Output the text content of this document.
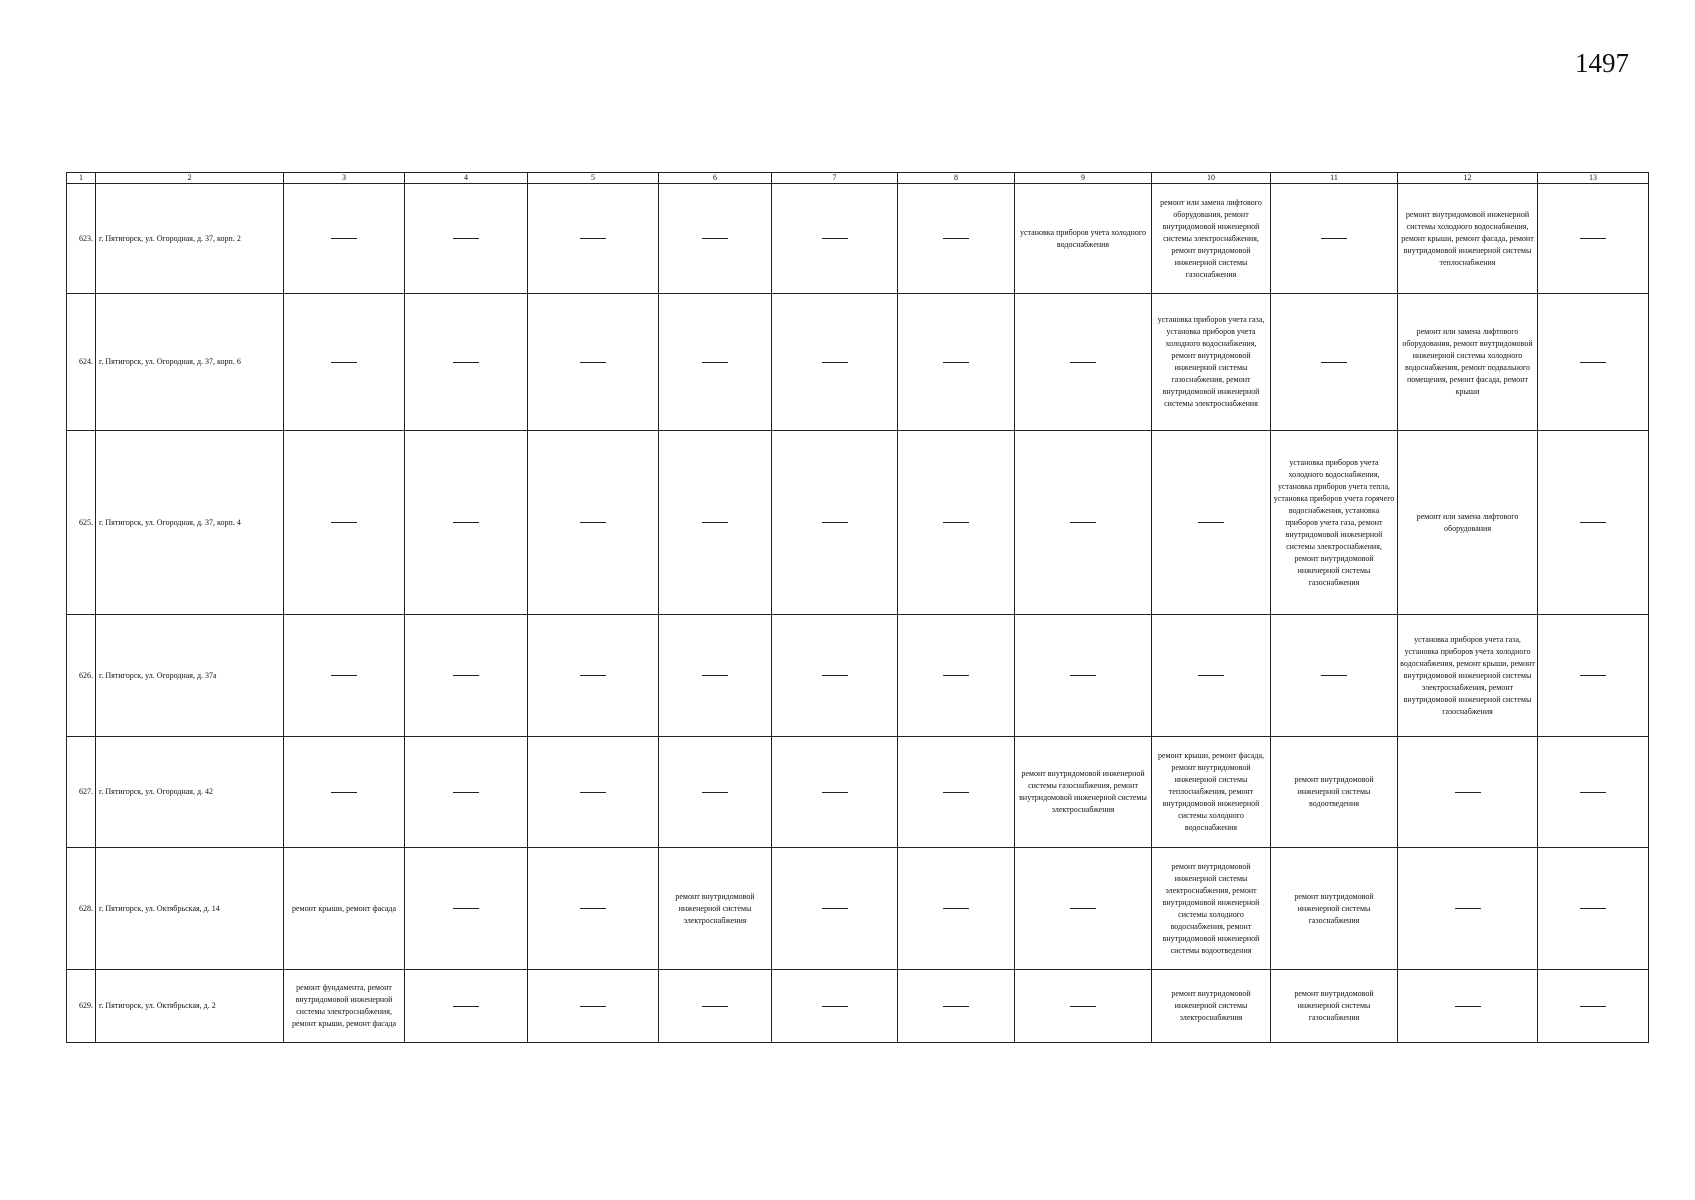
1497
1	2	3	4	5	6	7	8	9	10	11	12	13
623.	г. Пятигорск, ул. Огородная, д. 37, корп. 2							установка приборов учета холодного водоснабжения	ремонт или замена лифтового оборудования, ремонт внутридомовой инженерной системы электроснабжения, ремонт внутридомовой инженерной системы газоснабжения		ремонт внутридомовой инженерной системы холодного водоснабжения, ремонт крыши, ремонт фасада, ремонт внутридомовой инженерной системы теплоснабжения	
624.	г. Пятигорск, ул. Огородная, д. 37, корп. 6								установка приборов учета газа, установка приборов учета холодного водоснабжения, ремонт внутридомовой инженерной системы газоснабжения, ремонт внутридомовой инженерной системы электроснабжения		ремонт или замена лифтового оборудования, ремонт внутридомовой инженерной системы холодного водоснабжения, ремонт подвального помещения, ремонт фасада, ремонт крыши	
625.	г. Пятигорск, ул. Огородная, д. 37, корп. 4									установка приборов учета холодного водоснабжения, установка приборов учета тепла, установка приборов учета горячего водоснабжения, установка приборов учета газа, ремонт внутридомовой инженерной системы электроснабжения, ремонт внутридомовой инженерной системы газоснабжения	ремонт или замена лифтового оборудования	
626.	г. Пятигорск, ул. Огородная, д. 37а										установка приборов учета газа, установка приборов учета холодного водоснабжения, ремонт крыши, ремонт внутридомовой инженерной системы электроснабжения, ремонт внутридомовой инженерной системы газоснабжения	
627.	г. Пятигорск, ул. Огородная, д. 42							ремонт внутридомовой инженерной системы газоснабжения, ремонт внутридомовой инженерной системы электроснабжения	ремонт крыши, ремонт фасада, ремонт внутридомовой инженерной системы теплоснабжения, ремонт внутридомовой инженерной системы холодного водоснабжения	ремонт внутридомовой инженерной системы водоотведения		
628.	г. Пятигорск, ул. Октябрьская, д. 14	ремонт крыши, ремонт фасада			ремонт внутридомовой инженерной системы электроснабжения				ремонт внутридомовой инженерной системы электроснабжения, ремонт внутридомовой инженерной системы холодного водоснабжения, ремонт внутридомовой инженерной системы водоотведения	ремонт внутридомовой инженерной системы газоснабжения		
629.	г. Пятигорск, ул. Октябрьская, д. 2	ремонт фундамента, ремонт внутридомовой инженерной системы электроснабжения, ремонт крыши, ремонт фасада							ремонт внутридомовой инженерной системы электроснабжения	ремонт внутридомовой инженерной системы газоснабжения		
